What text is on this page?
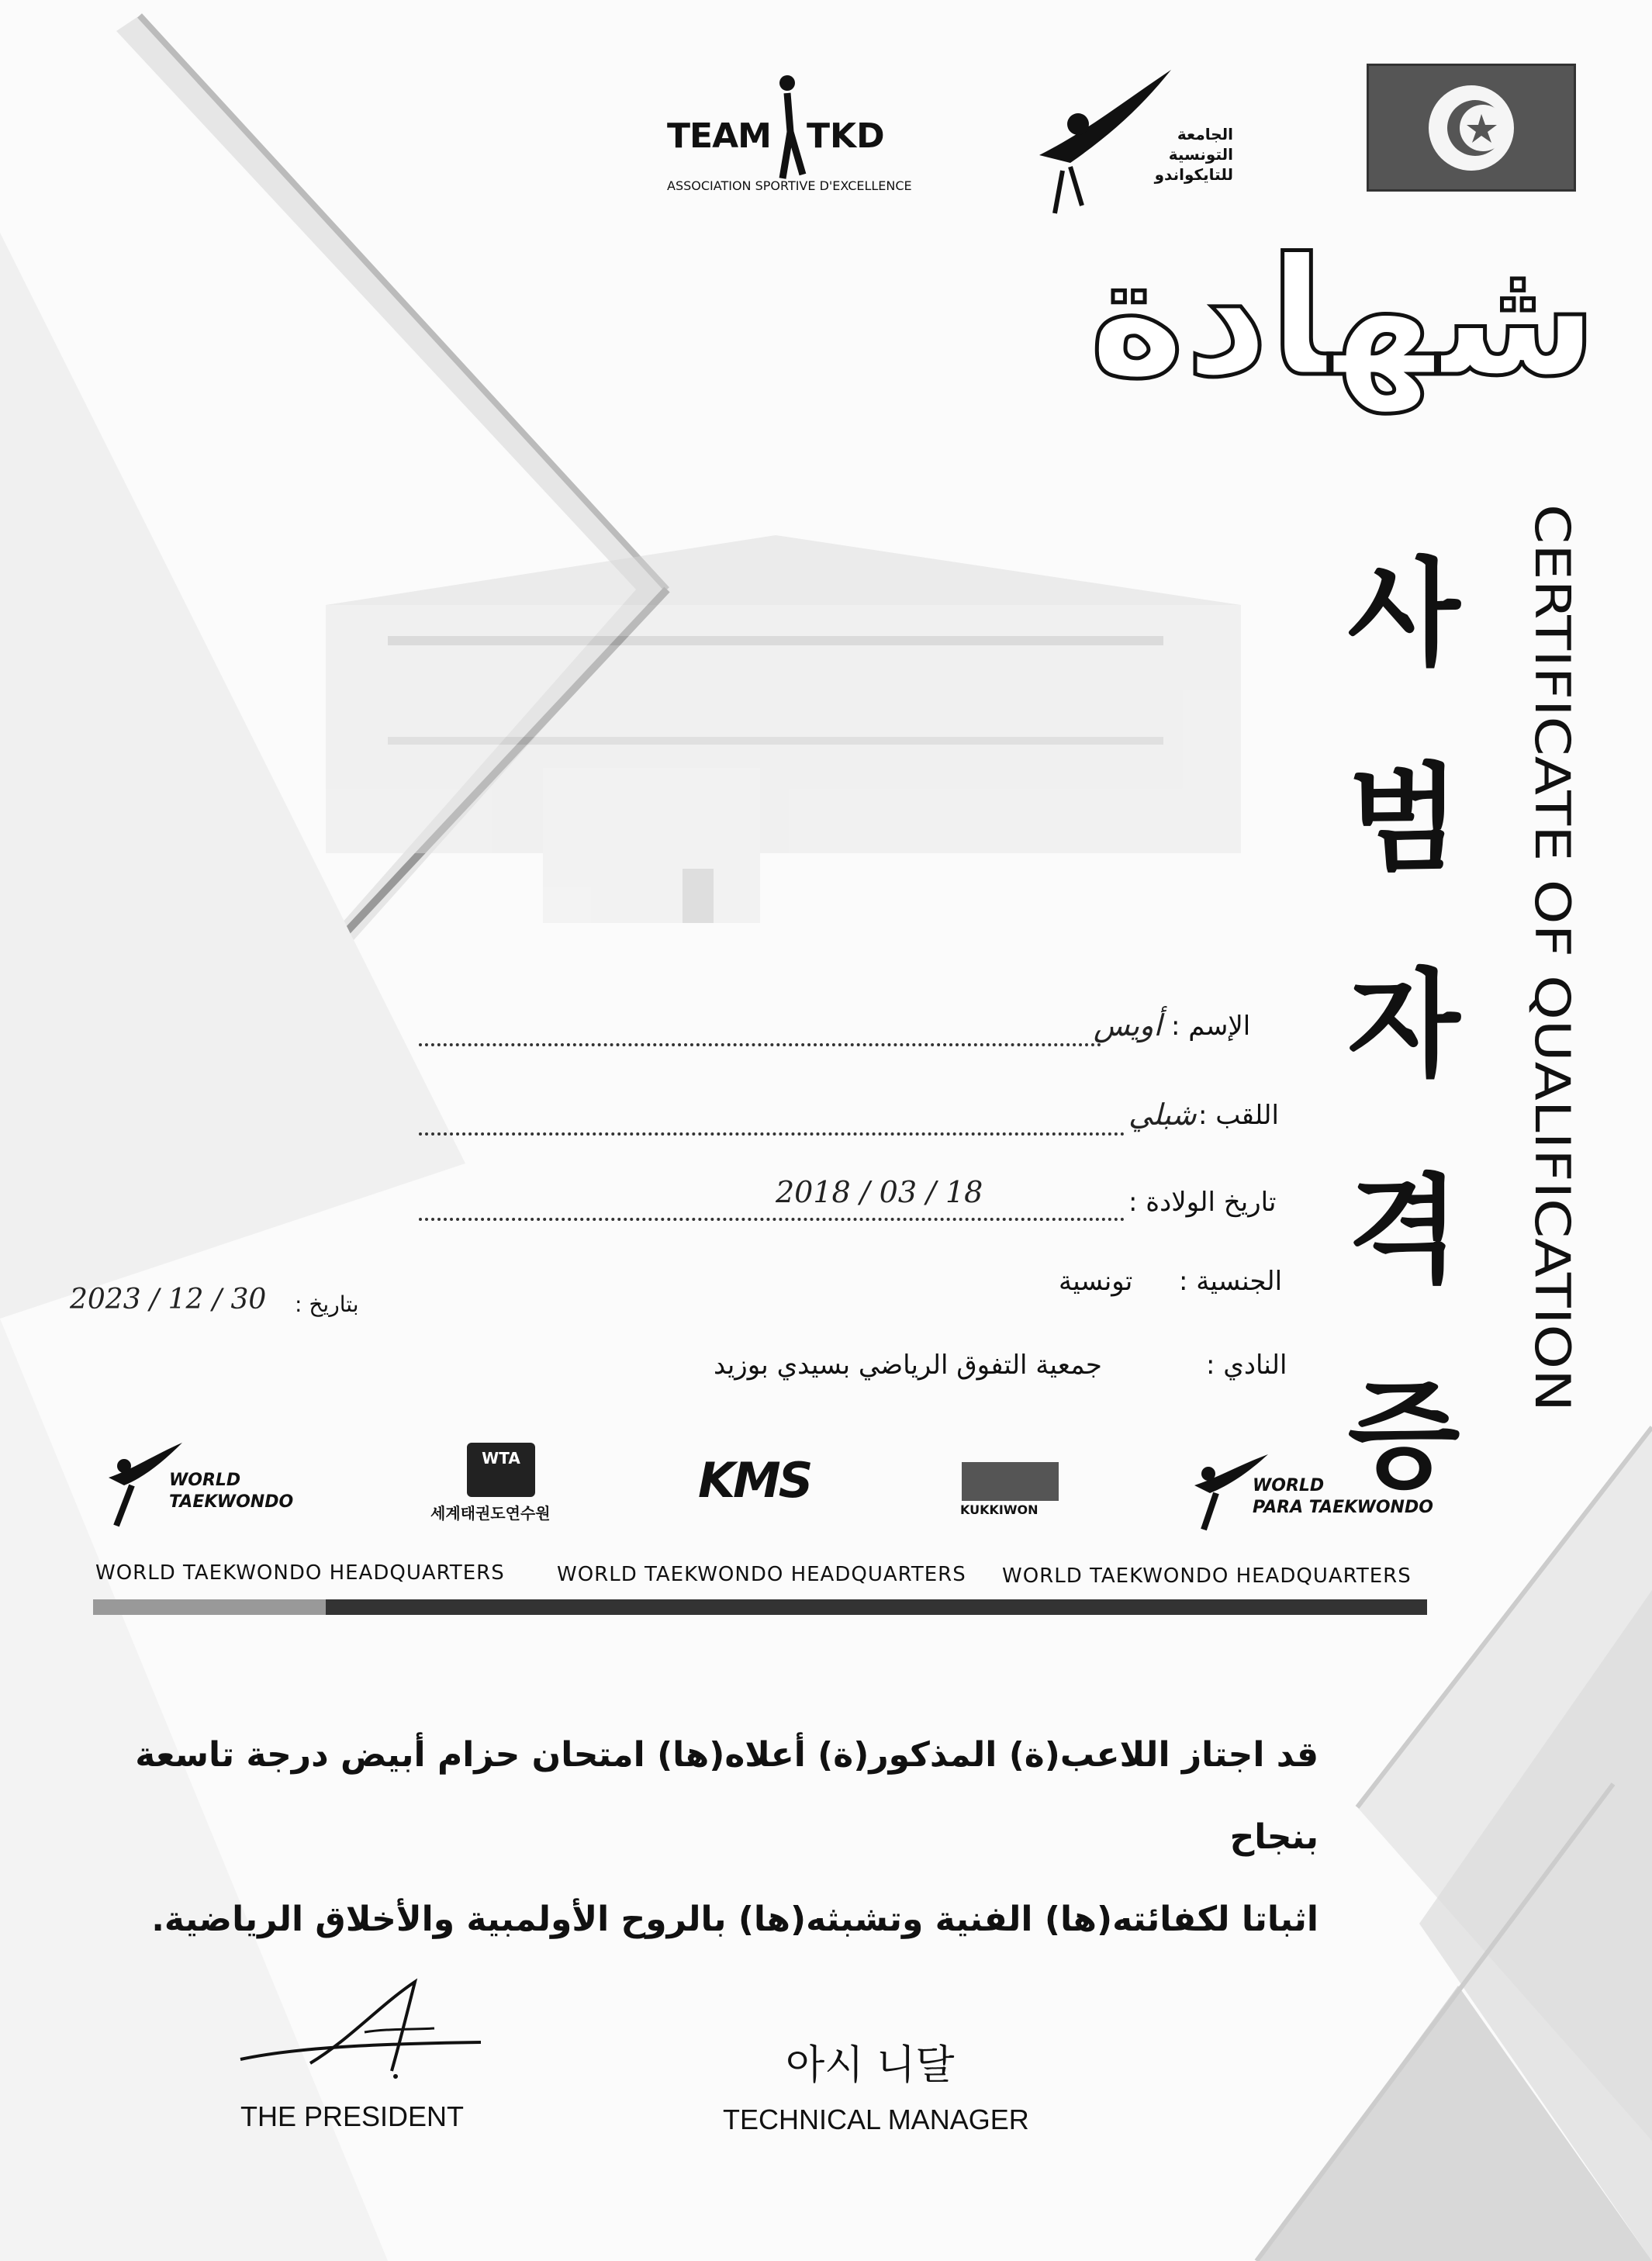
TEAM TKD
ASSOCIATION SPORTIVE D'EXCELLENCE
الجامعة
التونسية
للتايكواندو
شهادة
사
범
자
격
증
CERTIFICATE OF QUALIFICATION
الإسم :
أويس
اللقب :
شبلي
تاريخ الولادة :
2018 / 03 / 18
الجنسية :
تونسية
النادي :
جمعية التفوق الرياضي بسيدي بوزيد
بتاريخ :
2023 / 12 / 30
WORLD
TAEKWONDO
WTA
세계태권도연수원
KMS
KUKKIWON
WORLD
PARA TAEKWONDO
WORLD TAEKWONDO HEADQUARTERS	WORLD TAEKWONDO HEADQUARTERS WORLD TAEKWONDO HEADQUARTERS
قد اجتاز اللاعب(ة) المذكور(ة) أعلاه(ها) امتحان حزام أبيض درجة تاسعة بنجاح
اثباتا لكفائته(ها) الفنية وتشبثه(ها) بالروح الأولمبية والأخلاق الرياضية.
THE PRESIDENT
아시 니달
TECHNICAL MANAGER
